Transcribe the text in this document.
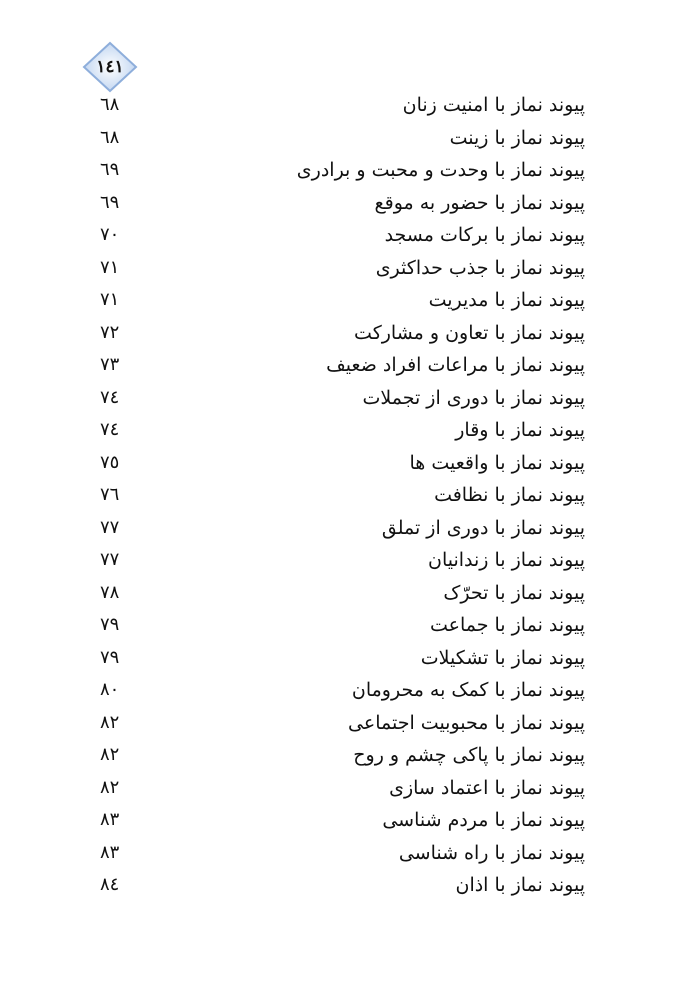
١٤١
پیوند نماز با امنیت زنان
٦٨
پیوند نماز با زینت
٦٨
پیوند نماز با وحدت و محبت و برادری
٦٩
پیوند نماز با حضور به موقع
٦٩
پیوند نماز با برکات مسجد
٧٠
پیوند نماز با جذب حداکثری
٧١
پیوند نماز با مدیریت
٧١
پیوند نماز با تعاون و مشارکت
٧٢
پیوند نماز با مراعات افراد ضعیف
٧٣
پیوند نماز با دوری از تجملات
٧٤
پیوند نماز با وقار
٧٤
پیوند نماز با واقعیت ها
٧٥
پیوند نماز با نظافت
٧٦
پیوند نماز با دوری از تملق
٧٧
پیوند نماز با زندانیان
٧٧
پیوند نماز با تحرّک
٧٨
پیوند نماز با جماعت
٧٩
پیوند نماز با تشکیلات
٧٩
پیوند نماز با کمک به محرومان
٨٠
پیوند نماز با محبوبیت اجتماعی
٨٢
پیوند نماز با پاکی چشم و روح
٨٢
پیوند نماز با اعتماد سازی
٨٢
پیوند نماز با مردم شناسی
٨٣
پیوند نماز با راه شناسی
٨٣
پیوند نماز با اذان
٨٤
